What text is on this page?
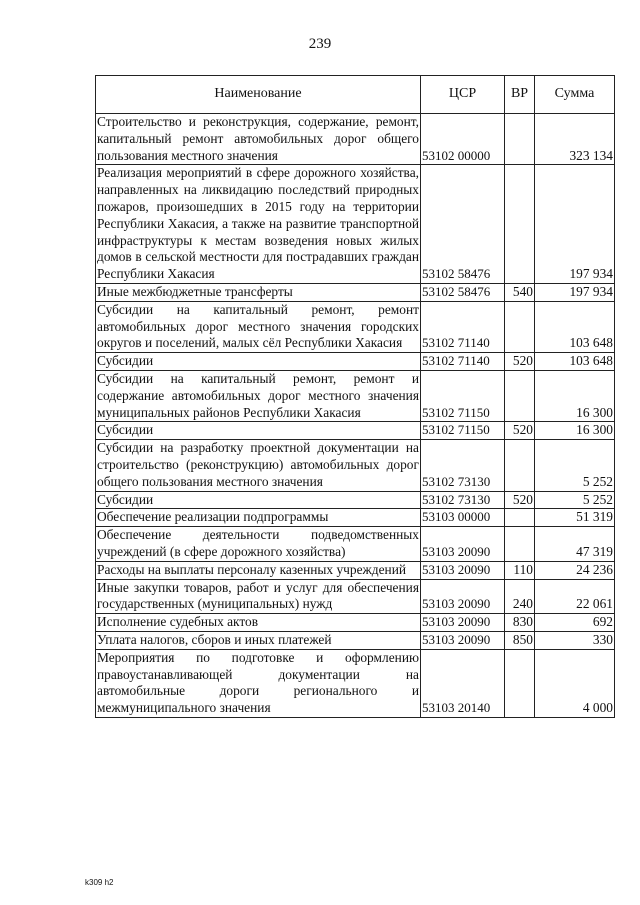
239
Наименование	ЦСР	ВР	Сумма
Строительство и реконструкция, содержание, ремонт, капитальный ремонт автомобильных дорог общего пользования местного значения	53102 00000		323 134
Реализация мероприятий в сфере дорожного хозяйства, направленных на ликвидацию последствий природных пожаров, произошедших в 2015 году на территории Республики Хакасия, а также на развитие транспортной инфраструктуры к местам возведения новых жилых домов в сельской местности для пострадавших граждан Республики Хакасия	53102 58476		197 934
Иные межбюджетные трансферты	53102 58476	540	197 934
Субсидии на капитальный ремонт, ремонт автомобильных дорог местного значения городских округов и поселений, малых сёл Республики Хакасия	53102 71140		103 648
Субсидии	53102 71140	520	103 648
Субсидии на капитальный ремонт, ремонт и содержание автомобильных дорог местного значения муниципальных районов Республики Хакасия	53102 71150		16 300
Субсидии	53102 71150	520	16 300
Субсидии на разработку проектной документации на строительство (реконструкцию) автомобильных дорог общего пользования местного значения	53102 73130		5 252
Субсидии	53102 73130	520	5 252
Обеспечение реализации подпрограммы	53103 00000		51 319
Обеспечение деятельности подведомственных учреждений (в сфере дорожного хозяйства)	53103 20090		47 319
Расходы на выплаты персоналу казенных учреждений	53103 20090	110	24 236
Иные закупки товаров, работ и услуг для обеспечения государственных (муниципальных) нужд	53103 20090	240	22 061
Исполнение судебных актов	53103 20090	830	692
Уплата налогов, сборов и иных платежей	53103 20090	850	330
Мероприятия по подготовке и оформлению правоустанавливающей документации на автомобильные дороги регионального и межмуниципального значения	53103 20140		4 000
k309 h2
